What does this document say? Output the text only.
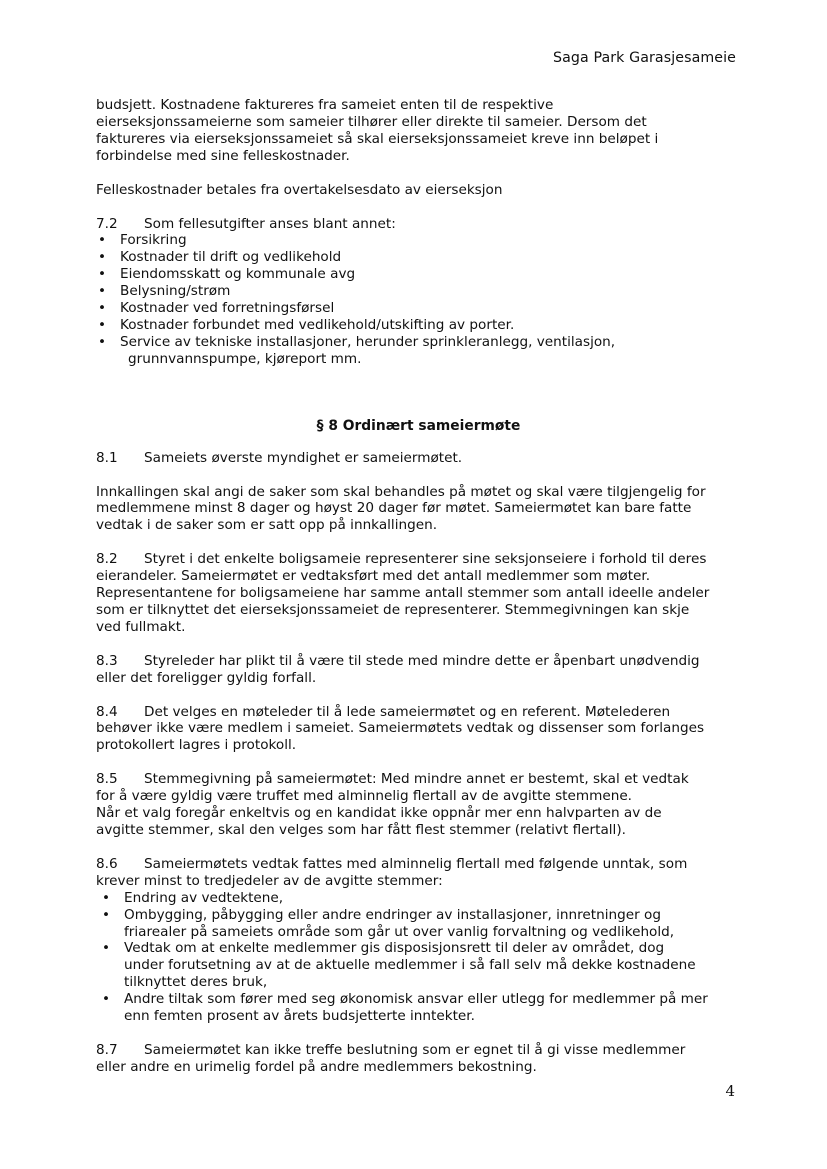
Saga Park Garasjesameie

budsjett. Kostnadene faktureres fra sameiet enten til de respektive
eierseksjonssameierne som sameier tilhører eller direkte til sameier. Dersom det
faktureres via eierseksjonssameiet så skal eierseksjonssameiet kreve inn beløpet i
forbindelse med sine felleskostnader.

Felleskostnader betales fra overtakelsesdato av eierseksjon

7.2 Som fellesutgifter anses blant annet:

• Forsikring
• Kostnader til drift og vedlikehold
• Eiendomsskatt og kommunale avg
• Belysning/strøm
• Kostnader ved forretningsførsel
• Kostnader forbundet med vedlikehold/utskifting av porter.
• Service av tekniske installasjoner, herunder sprinkleranlegg, ventilasjon,
grunnvannspumpe, kjøreport mm.
§ 8 Ordinært sameiermøte

8.1 Sameiets øverste myndighet er sameiermøtet.

Innkallingen skal angi de saker som skal behandles på møtet og skal være tilgjengelig for
medlemmene minst 8 dager og høyst 20 dager før møtet. Sameiermøtet kan bare fatte
vedtak i de saker som er satt opp på innkallingen.

8.2 Styret i det enkelte boligsameie representerer sine seksjonseiere i forhold til deres
eierandeler. Sameiermøtet er vedtaksført med det antall medlemmer som møter.
Representantene for boligsameiene har samme antall stemmer som antall ideelle andeler
som er tilknyttet det eierseksjonssameiet de representerer. Stemmegivningen kan skje
ved fullmakt.

8.3 Styreleder har plikt til å være til stede med mindre dette er åpenbart unødvendig
eller det foreligger gyldig forfall.

8.4 Det velges en møteleder til å lede sameiermøtet og en referent. Møtelederen
behøver ikke være medlem i sameiet. Sameiermøtets vedtak og dissenser som forlanges
protokollert lagres i protokoll.

8.5 Stemmegivning på sameiermøtet: Med mindre annet er bestemt, skal et vedtak
for å være gyldig være truffet med alminnelig flertall av de avgitte stemmene.
Når et valg foregår enkeltvis og en kandidat ikke oppnår mer enn halvparten av de
avgitte stemmer, skal den velges som har fått flest stemmer (relativt flertall).

8.6 Sameiermøtets vedtak fattes med alminnelig flertall med følgende unntak, som
krever minst to tredjedeler av de avgitte stemmer:

• Endring av vedtektene,
• Ombygging, påbygging eller andre endringer av installasjoner, innretninger og
friarealer på sameiets område som går ut over vanlig forvaltning og vedlikehold,
• Vedtak om at enkelte medlemmer gis disposisjonsrett til deler av området, dog
under forutsetning av at de aktuelle medlemmer i så fall selv må dekke kostnadene
tilknyttet deres bruk,
• Andre tiltak som fører med seg økonomisk ansvar eller utlegg for medlemmer på mer
enn femten prosent av årets budsjetterte inntekter.

8.7 Sameiermøtet kan ikke treffe beslutning som er egnet til å gi visse medlemmer
eller andre en urimelig fordel på andre medlemmers bekostning.

4
